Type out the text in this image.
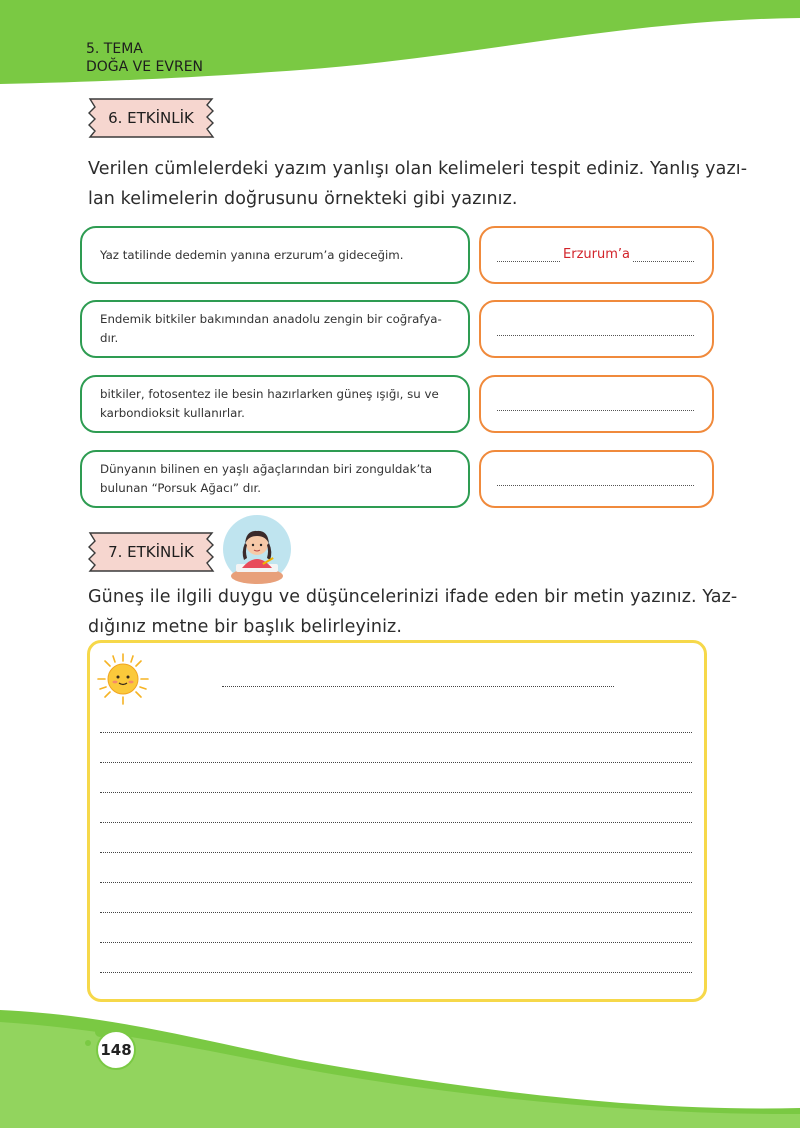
5. TEMA
DOĞA VE EVREN
6. ETKİNLİK
Verilen cümlelerdeki yazım yanlışı olan kelimeleri tespit ediniz. Yanlış yazı-
lan kelimelerin doğrusunu örnekteki gibi yazınız.
Yaz tatilinde dedemin yanına erzurum’a gideceğim.	Erzurum’a
Endemik bitkiler bakımından anadolu zengin bir coğrafya-dır.
bitkiler, fotosentez ile besin hazırlarken güneş ışığı, su ve karbondioksit kullanırlar.
Dünyanın bilinen en yaşlı ağaçlarından biri zonguldak’ta bulunan “Porsuk Ağacı” dır.
7. ETKİNLİK
Güneş ile ilgili duygu ve düşüncelerinizi ifade eden bir metin yazınız. Yaz-
dığınız metne bir başlık belirleyiniz.
148
